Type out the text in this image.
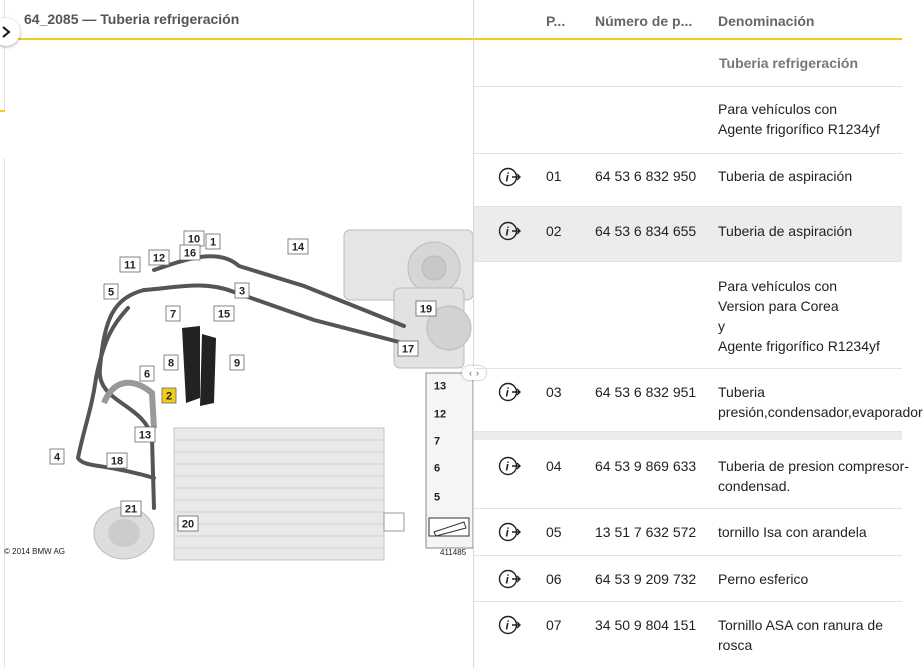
64_2085 — Tuberia refrigeración
1
2
3
4
5
6
7
8	9
10
11
12
13
14
15
16
17
18
19
20
21
13
12
7
6
5
411485
© 2014 BMW AG
‹ ›
P... Número de p... Denominación
Tuberia refrigeración
Para vehículos con
Agente frigorífico R1234yf
i	01 64 53 6 832 950 Tuberia de aspiración
i	02 64 53 6 834 655 Tuberia de aspiración
Para vehículos con
Version para Corea
y
Agente frigorífico R1234yf
i	03 64 53 6 832 951 Tuberia
presión,condensador,evaporador
i	04 64 53 9 869 633 Tuberia de presion compresor-
condensad.
i	05 13 51 7 632 572 tornillo Isa con arandela
i	06 64 53 9 209 732 Perno esferico
i	07 34 50 9 804 151 Tornillo ASA con ranura de
rosca
